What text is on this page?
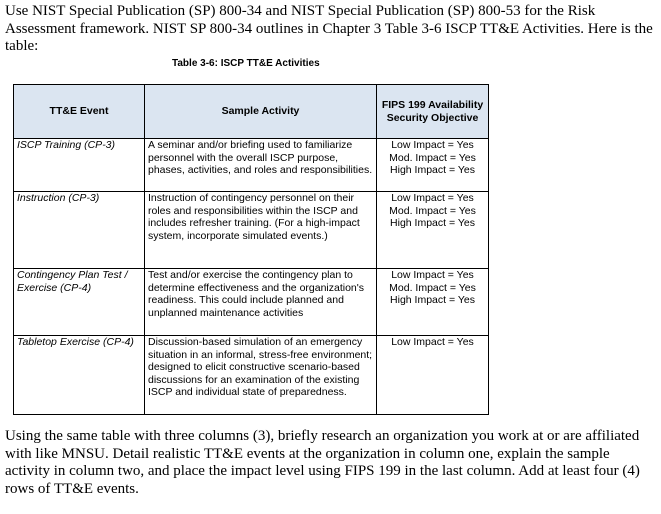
Use NIST Special Publication (SP) 800-34 and NIST Special Publication (SP) 800-53 for the Risk Assessment framework. NIST SP 800-34 outlines in Chapter 3 Table 3-6 ISCP TT&E Activities. Here is the table:

Table 3-6: ISCP TT&E Activities

TT&E Event	Sample Activity	FIPS 199 Availability Security Objective
ISCP Training (CP-3)	A seminar and/or briefing used to familiarize personnel with the overall ISCP purpose, phases, activities, and roles and responsibilities.	Low Impact = Yes
Mod. Impact = Yes
High Impact = Yes

Instruction (CP-3)	Instruction of contingency personnel on their roles and responsibilities within the ISCP and includes refresher training. (For a high-impact system, incorporate simulated events.)	Low Impact = Yes
Mod. Impact = Yes
High Impact = Yes

Contingency Plan Test / Exercise (CP-4)	Test and/or exercise the contingency plan to determine effectiveness and the organization's readiness. This could include planned and unplanned maintenance activities	Low Impact = Yes
Mod. Impact = Yes
High Impact = Yes

Tabletop Exercise (CP-4)	Discussion-based simulation of an emergency situation in an informal, stress-free environment; designed to elicit constructive scenario-based discussions for an examination of the existing ISCP and individual state of preparedness.	Low Impact = Yes

Using the same table with three columns (3), briefly research an organization you work at or are affiliated with like MNSU. Detail realistic TT&E events at the organization in column one, explain the sample activity in column two, and place the impact level using FIPS 199 in the last column. Add at least four (4) rows of TT&E events.
